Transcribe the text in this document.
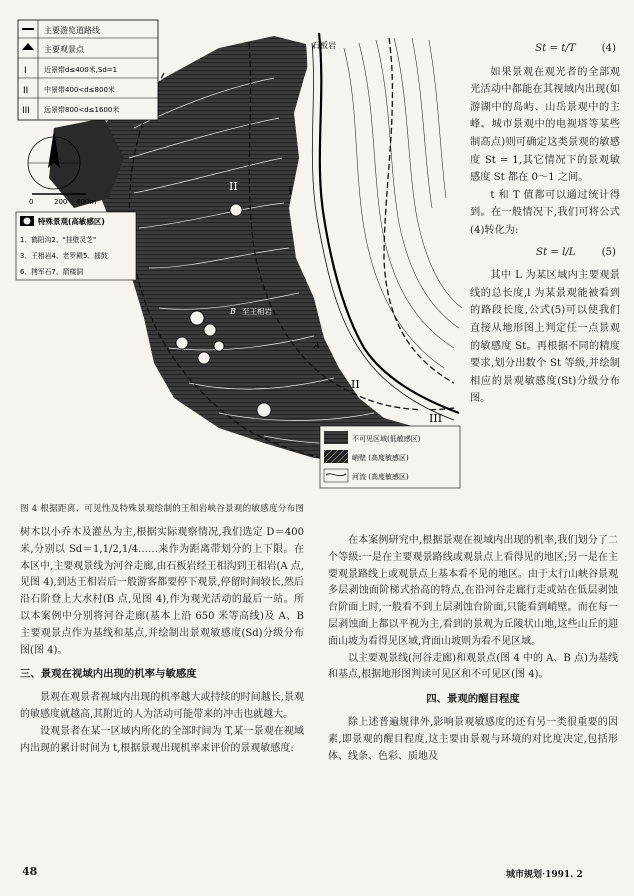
石板岩
至王相岩
I
II
II
III
A
B
主要游览道路线
主要观景点
I 近景带d≤400米,Sd=1
II 中景带400<d≤800米
III 远景带800<d≤1600米
0	200 400m
特殊景观(高敏感区)
1、鹤阳沟2、"挂壁灵芝"
3、王相岩4、老罗殿5、擂鼓
6、拷军石7、箭楼洞
不可见区域(低敏感区)
峭壁 (高度敏感区)
河流 (高度敏感区)
图 4 根据距离、可见性及特殊景观绘制的王相岩峡谷景观的敏感度分布图
St = t/T	(4)

如果景观在观光者的全部观光活动中都能在其视域内出现(如游湖中的岛屿、山岳景观中的主峰、城市景观中的电视塔等某些制高点)则可确定这类景观的敏感度 St = 1,其它情况下的景观敏感度 St 都在 0～1 之间。

t 和 T 值都可以通过统计得到。在一般情况下,我们可将公式(4)转化为:

St = l/L	(5)

其中 L 为某区域内主要观景线的总长度,l 为某景观能被看到的路段长度,公式(5)可以使我们直接从地形图上判定任一点景观的敏感度 St。再根据不同的精度要求,划分出数个 St 等级,并绘制相应的景观敏感度(St)分级分布图。

树木以小乔木及灌丛为主,根据实际观察情况,我们选定 D＝400 米,分别以 Sd＝1,1/2,1/4……来作为距离带划分的上下限。在本区中,主要观景线为河谷走廊,由石板岩经王相沟到王相岩(A 点,见图 4),到达王相岩后一般游客都要停下观景,停留时间较长,然后沿石阶登上大水村(B 点,见图 4),作为观光活动的最后一站。所以本案例中分别将河谷走廊(基本上沿 650 米等高线)及 A、B 主要观景点作为基线和基点,并绘制出景观敏感度(Sd)分级分布图(图 4)。

三、景观在视域内出现的机率与敏感度

景观在观景者视域内出现的机率越大或持续的时间越长,景观的敏感度就越高,其附近的人为活动可能带来的冲击也就越大。

设观景者在某一区域内所化的全部时间为 T,某一景观在视域内出现的累计时间为 t,根据景观出现机率来评价的景观敏感度:

在本案例研究中,根据景观在视域内出现的机率,我们划分了二个等级:一是在主要观景路线或观景点上看得见的地区;另一是在主要观景路线上或观景点上基本看不见的地区。由于太行山峡谷景观多层剥蚀面阶梯式抬高的特点,在沿河谷走廊行走或站在低层剥蚀台阶面上时,一般看不到上层剥蚀台阶面,只能看到峭壁。而在每一层剥蚀面上都以平视为主,看到的景观为丘陵状山地,这些山丘的迎面山坡为看得见区域,背面山坡则为看不见区域。

以主要观景线(河谷走廊)和观景点(图 4 中的 A、B 点)为基线和基点,根据地形图判读可见区和不可见区(图 4)。

四、景观的醒目程度

除上述普遍规律外,影响景观敏感度的还有另一类很重要的因素,即景观的醒目程度,这主要由景观与环境的对比度决定,包括形体、线条、色彩、质地及

48	城市规划·1991. 2
